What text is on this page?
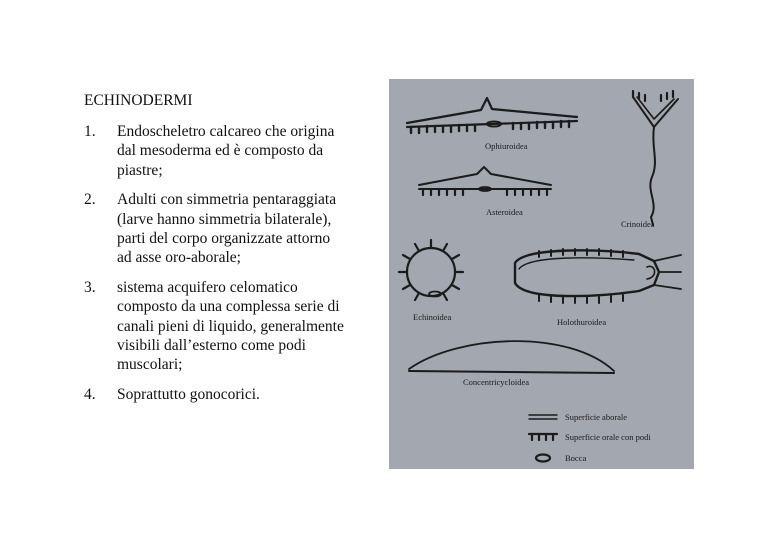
ECHINODERMI

1.	Endoscheletro calcareo che origina
dal mesoderma ed è composto da
piastre;
2.	Adulti con simmetria pentaraggiata
(larve hanno simmetria bilaterale),
parti del corpo organizzate attorno
ad asse oro-aborale;
3.	sistema acquifero celomatico
composto da una complessa serie di
canali pieni di liquido, generalmente
visibili dall’esterno come podi
muscolari;
4.	Soprattutto gonocorici.
Ophiuroidea
Crinoidea
Asteroidea
Echinoidea	Holothuroidea
Concentricycloidea
Superficie aborale
Superficie orale con podi
Bocca
